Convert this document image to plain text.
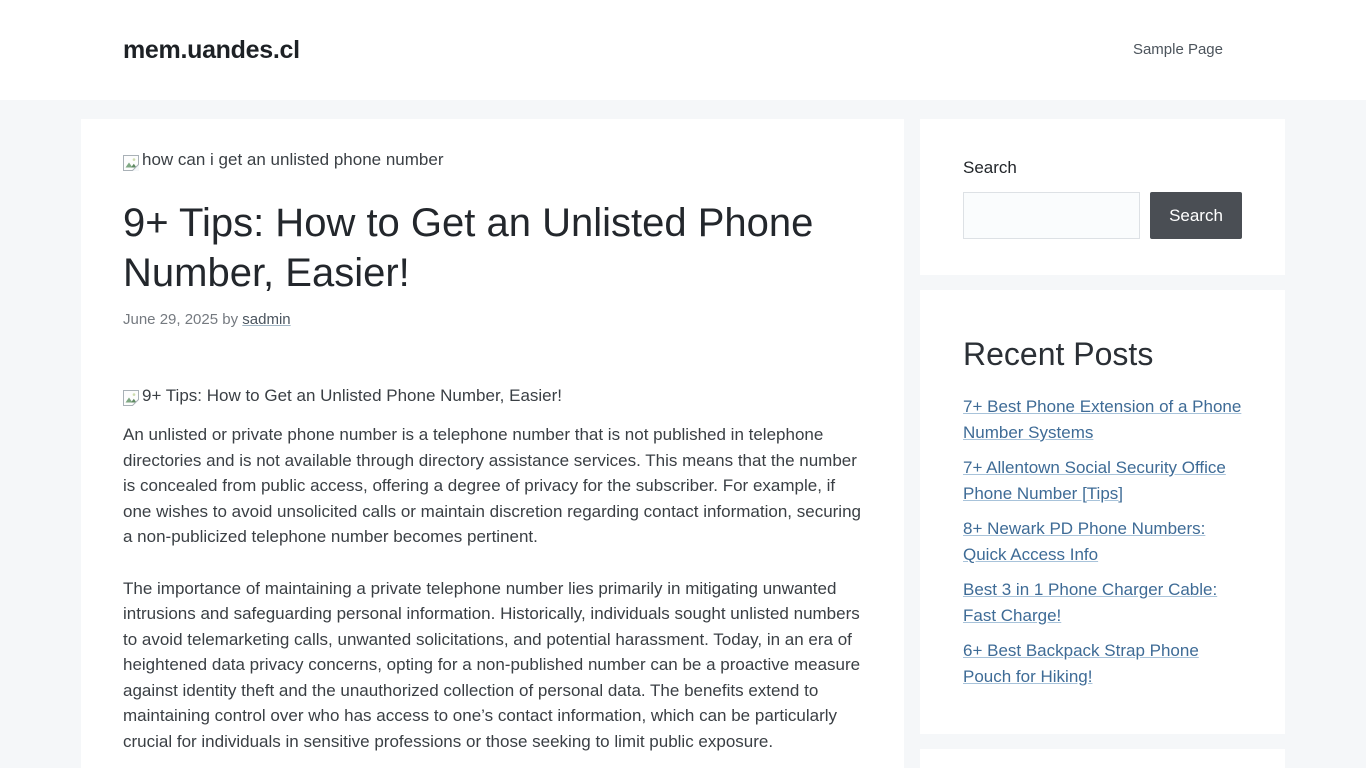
mem.uandes.cl	Sample Page
how can i get an unlisted phone number
9+ Tips: How to Get an Unlisted Phone Number, Easier!
June 29, 2025 by sadmin
9+ Tips: How to Get an Unlisted Phone Number, Easier!

An unlisted or private phone number is a telephone number that is not published in telephone directories and is not available through directory assistance services. This means that the number is concealed from public access, offering a degree of privacy for the subscriber. For example, if one wishes to avoid unsolicited calls or maintain discretion regarding contact information, securing a non-publicized telephone number becomes pertinent.

The importance of maintaining a private telephone number lies primarily in mitigating unwanted intrusions and safeguarding personal information. Historically, individuals sought unlisted numbers to avoid telemarketing calls, unwanted solicitations, and potential harassment. Today, in an era of heightened data privacy concerns, opting for a non-published number can be a proactive measure against identity theft and the unauthorized collection of personal data. The benefits extend to maintaining control over who has access to one’s contact information, which can be particularly crucial for individuals in sensitive professions or those seeking to limit public exposure.

Search
Search
Recent Posts
7+ Best Phone Extension of a Phone Number Systems
7+ Allentown Social Security Office Phone Number [Tips]
8+ Newark PD Phone Numbers: Quick Access Info
Best 3 in 1 Phone Charger Cable: Fast Charge!
6+ Best Backpack Strap Phone Pouch for Hiking!
